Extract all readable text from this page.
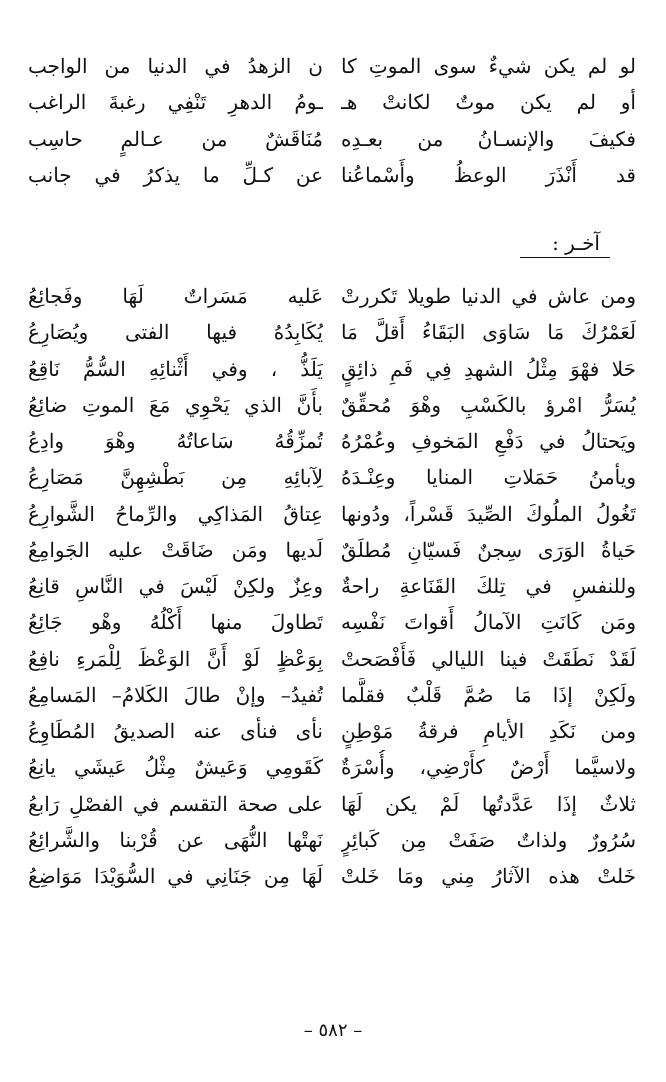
لو لم يكن شيءٌ سوى الموتِ كا
ن الزهدُ في الدنيا من الواجب
أو لم يكن موتٌ لكانتْ هـ
ـومُ الدهرِ تَنْفِي رغبةَ الراغب
فكيفَ والإنسـانُ من بعـدِه
مُنَاقَشٌ من عـالمٍ حاسِب
قد أَنْذَرَ الوعظُ وأَسْماعُنا
عن كـلِّ ما يذكرُ في جانب
آخـر :
ومن عاش في الدنيا طويلا تَكررتْ
عَليه مَسَراتٌ لَهَا وفَجائِعُ
لَعَمْرُكَ مَا سَاوَى البَقَاءُ أَقلَّ مَا
يُكَابِدُهُ فيها الفتى ويُصَارِعُ
حَلا فهْوَ مِثْلُ الشهدِ فِي فَمِ ذائِقٍ
يَلَذُّ ، وفي أَثْنائِهِ السُّمُّ نَاقِعُ
يُسَرُّ امْرؤ بالكَسْبِ وهْوَ مُحقِّقٌ
بأَنَّ الذي يَحْوِي مَعَ الموتِ ضائِعُ
ويَحتالُ في دَفْعِ المَخوفِ وعُمْرُهُ
تُمزِّقُهُ سَاعاتُهُ وهْوَ وادِعُ
ويأمنُ حَمَلاتِ المنايا وعِنْـدَهُ
لِآبائِهِ مِن بَطْشِهِنَّ مَصَارِعُ
تَغُولُ الملُوكَ الصِّيدَ قَسْراً، ودُونها
عِتاقُ المَذاكِي والرِّماحُ الشَّوارِعُ
حَياةُ الوَرَى سِجنٌ فَسيّانِ مُطلَقٌ
لَديها ومَن ضَاقَتْ عليه الجَوامِعُ
وللنفسِ في تِلكَ القَنَاعةِ راحةٌ
وعِزٌ ولكِنْ لَيْسَ في النَّاسِ قانِعُ
ومَن كَانَتِ الآمالُ أَقواتَ نَفْسِه
تَطاولَ منها أَكْلُهُ وهْو جَائِعُ
لَقَدْ نَطَقَتْ فينا الليالي فَأَفْصَحتْ
بِوَعْظٍ لَوْ أَنَّ الوَعْظَ لِلْمَرءِ نافِعُ
ولَكِنْ إذَا مَا صُمَّ قَلْبٌ فقلَّما
تُفيدُ– وإنْ طالَ الكَلامُ– المَسامِعُ
ومن نَكَدِ الأيامِ فرقةُ مَوْطِنٍ
نأى فنأى عنه الصديقُ المُطَاوِعُ
ولاسيَّما أَرْضٌ كأَرْضِي، وأُسْرَةٌ
كَقَومِي وَعَيشٌ مِثْلُ عَيشَي يانِعُ
ثلاثٌ إذَا عَدَّدتُها لَمْ يكن لَهَا
على صحة التقسم في الفصْلِ رَابعُ
سُرُورٌ ولذاتٌ صَفَتْ مِن كَبائِرٍ
نَهتْها النُّهَى عن قُرْبنا والشَّرائِعُ
خَلتْ هذه الآثارُ مِني ومَا خَلتْ
لَهَا مِن جَنَانِي في السُّوَيْدَا مَوَاضِعُ
– ٥٨٢ –
